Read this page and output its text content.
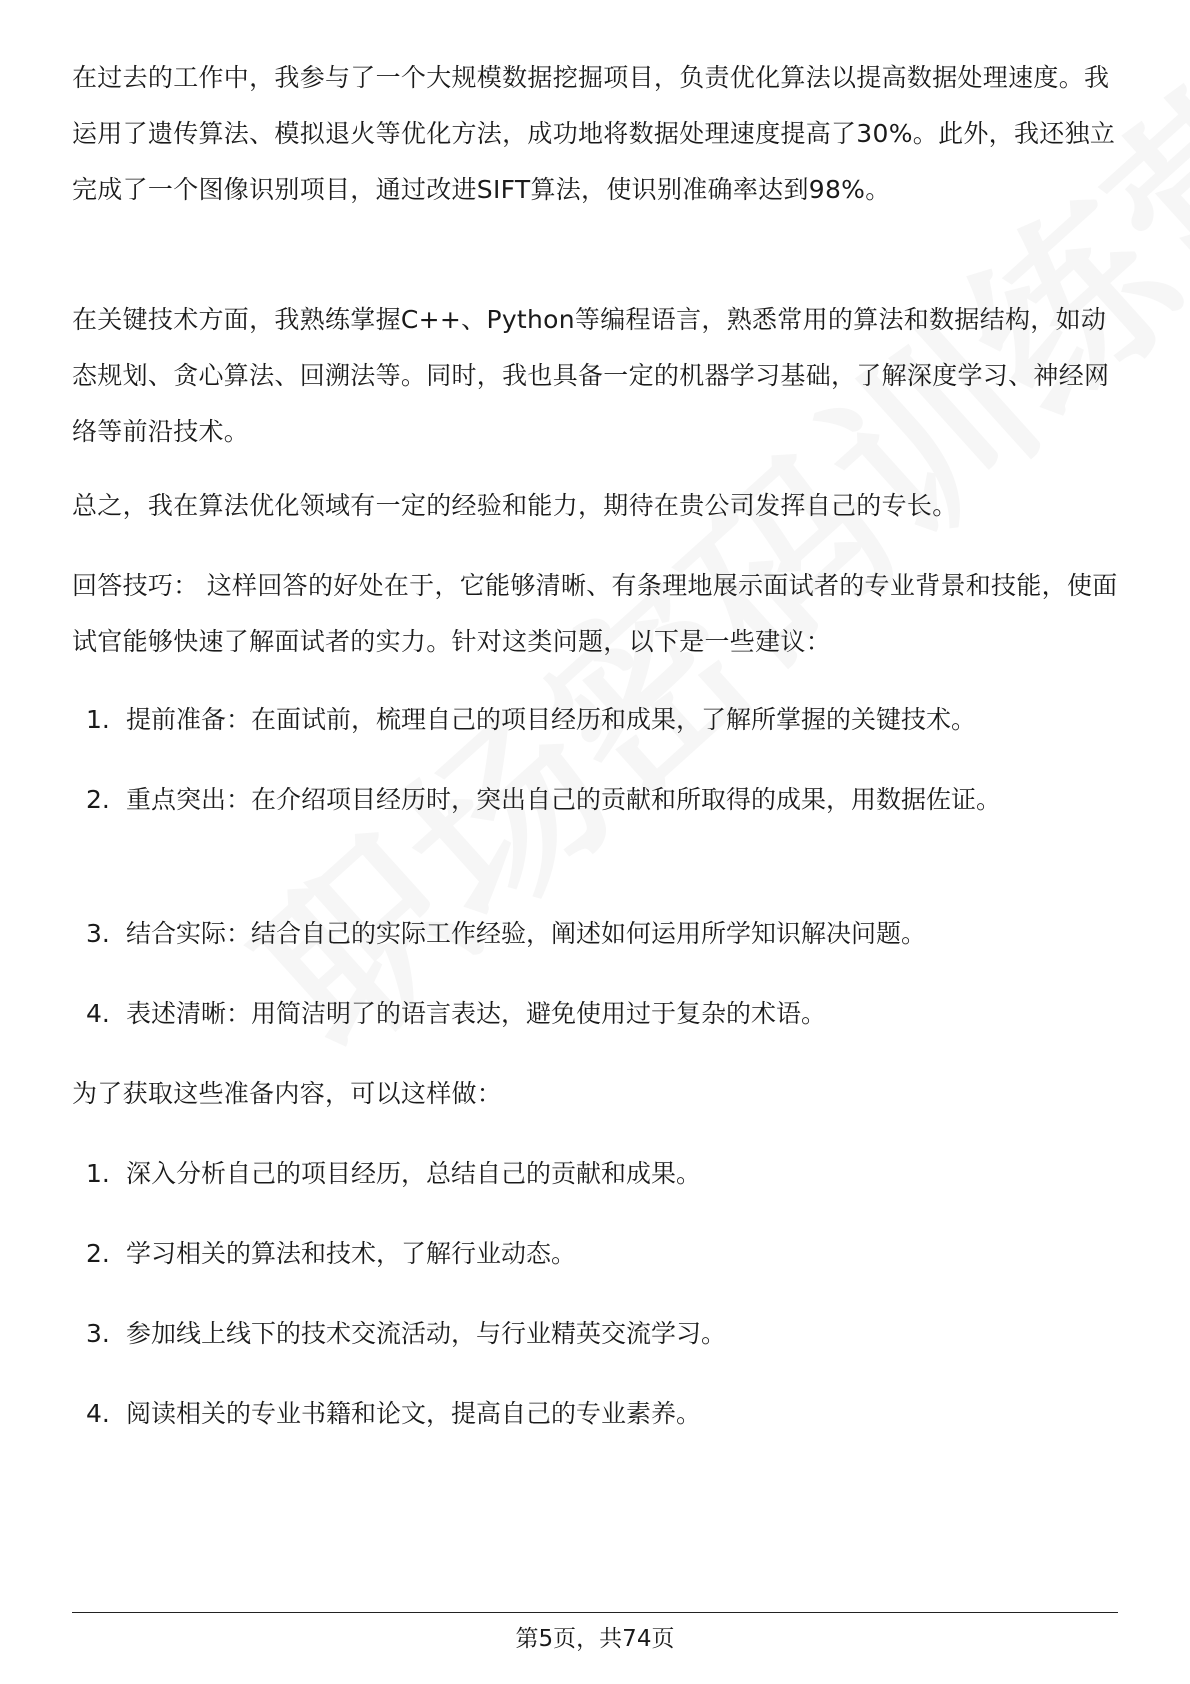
在过去的工作中，我参与了一个大规模数据挖掘项目，负责优化算法以提高数据处理速度。我运用了遗传算法、模拟退火等优化方法，成功地将数据处理速度提高了30%。此外，我还独立完成了一个图像识别项目，通过改进SIFT算法，使识别准确率达到98%。

在关键技术方面，我熟练掌握C++、Python等编程语言，熟悉常用的算法和数据结构，如动态规划、贪心算法、回溯法等。同时，我也具备一定的机器学习基础，了解深度学习、神经网络等前沿技术。

总之，我在算法优化领域有一定的经验和能力，期待在贵公司发挥自己的专长。

回答技巧： 这样回答的好处在于，它能够清晰、有条理地展示面试者的专业背景和技能，使面试官能够快速了解面试者的实力。针对这类问题，以下是一些建议：

1. 提前准备：在面试前，梳理自己的项目经历和成果，了解所掌握的关键技术。
2. 重点突出：在介绍项目经历时，突出自己的贡献和所取得的成果，用数据佐证。
3. 结合实际：结合自己的实际工作经验，阐述如何运用所学知识解决问题。
4. 表述清晰：用简洁明了的语言表达，避免使用过于复杂的术语。

为了获取这些准备内容，可以这样做：

1. 深入分析自己的项目经历，总结自己的贡献和成果。
2. 学习相关的算法和技术，了解行业动态。
3. 参加线上线下的技术交流活动，与行业精英交流学习。
4. 阅读相关的专业书籍和论文，提高自己的专业素养。
第5页，共74页
